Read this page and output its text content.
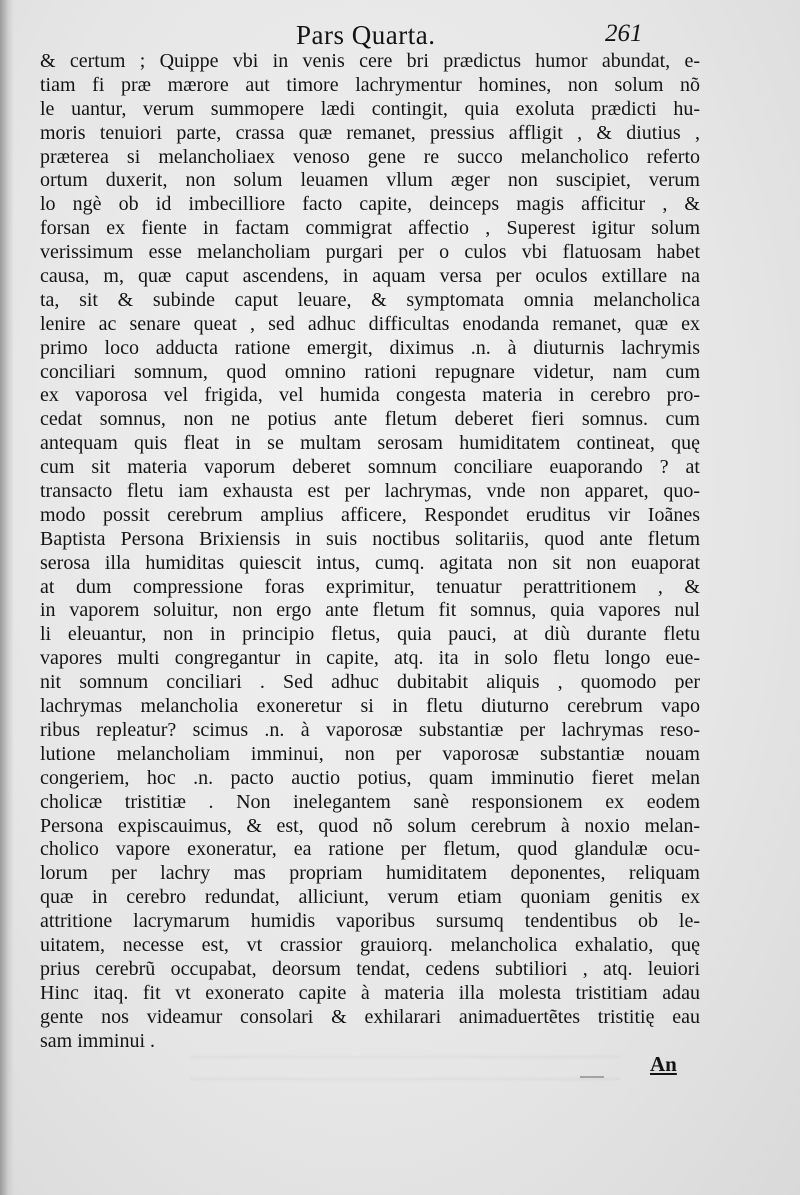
Pars Quarta.	261
& certum ; Quippe vbi in venis cere bri prædictus humor abundat, e-
tiam fi præ mærore aut timore lachrymentur homines, non solum nõ
le uantur, verum summopere lædi contingit, quia exoluta prædicti hu-
moris tenuiori parte, crassa quæ remanet, pressius affligit , & diutius ,
præterea si melancholiaex venoso gene re succo melancholico referto
ortum duxerit, non solum leuamen vllum æger non suscipiet, verum
lo ngè ob id imbecilliore facto capite, deinceps magis afficitur , &
forsan ex fiente in factam commigrat affectio , Superest igitur solum
verissimum esse melancholiam purgari per o culos vbi flatuosam habet
causa, m, quæ caput ascendens, in aquam versa per oculos extillare na
ta, sit & subinde caput leuare, & symptomata omnia melancholica
lenire ac senare queat , sed adhuc difficultas enodanda remanet, quæ ex
primo loco adducta ratione emergit, diximus .n. à diuturnis lachrymis
conciliari somnum, quod omnino rationi repugnare videtur, nam cum
ex vaporosa vel frigida, vel humida congesta materia in cerebro pro-
cedat somnus, non ne potius ante fletum deberet fieri somnus. cum
antequam quis fleat in se multam serosam humiditatem contineat, quę
cum sit materia vaporum deberet somnum conciliare euaporando ? at
transacto fletu iam exhausta est per lachrymas, vnde non apparet, quo-
modo possit cerebrum amplius afficere, Respondet eruditus vir Ioãnes
Baptista Persona Brixiensis in suis noctibus solitariis, quod ante fletum
serosa illa humiditas quiescit intus, cumq. agitata non sit non euaporat
at dum compressione foras exprimitur, tenuatur perattritionem , &
in vaporem soluitur, non ergo ante fletum fit somnus, quia vapores nul
li eleuantur, non in principio fletus, quia pauci, at diù durante fletu
vapores multi congregantur in capite, atq. ita in solo fletu longo eue-
nit somnum conciliari . Sed adhuc dubitabit aliquis , quomodo per
lachrymas melancholia exoneretur si in fletu diuturno cerebrum vapo
ribus repleatur? scimus .n. à vaporosæ substantiæ per lachrymas reso-
lutione melancholiam imminui, non per vaporosæ substantiæ nouam
congeriem, hoc .n. pacto auctio potius, quam imminutio fieret melan
cholicæ tristitiæ . Non inelegantem sanè responsionem ex eodem
Persona expiscauimus, & est, quod nõ solum cerebrum à noxio melan-
cholico vapore exoneratur, ea ratione per fletum, quod glandulæ ocu-
lorum per lachry mas propriam humiditatem deponentes, reliquam
quæ in cerebro redundat, alliciunt, verum etiam quoniam genitis ex
attritione lacrymarum humidis vaporibus sursumq tendentibus ob le-
uitatem, necesse est, vt crassior grauiorq. melancholica exhalatio, quę
prius cerebrũ occupabat, deorsum tendat, cedens subtiliori , atq. leuiori
Hinc itaq. fit vt exonerato capite à materia illa molesta tristitiam adau
gente nos videamur consolari & exhilarari animaduertẽtes tristitię eau
sam imminui .
An
